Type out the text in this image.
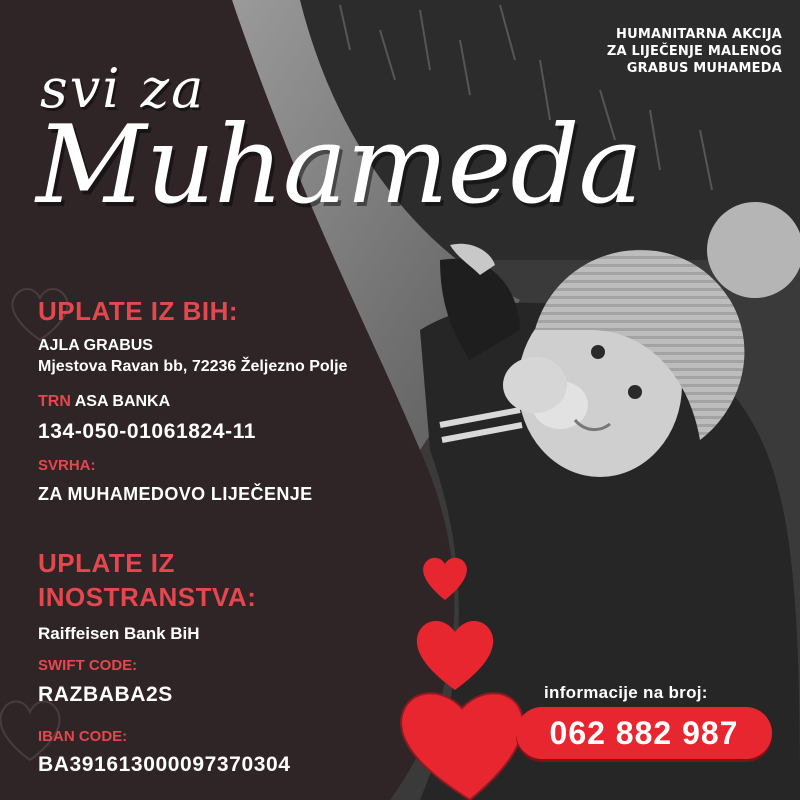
HUMANITARNA AKCIJA
ZA LIJEČENJE MALENOG
GRABUS MUHAMEDA
svi za
Muhameda
UPLATE IZ BIH:
AJLA GRABUS
Mjestova Ravan bb, 72236 Željezno Polje
TRN ASA BANKA
134-050-01061824-11
SVRHA:
ZA MUHAMEDOVO LIJEČENJE
UPLATE IZ
INOSTRANSTVA:
Raiffeisen Bank BiH
SWIFT CODE:
RAZBABA2S
IBAN CODE:
BA391613000097370304
informacije na broj:
062 882 987
